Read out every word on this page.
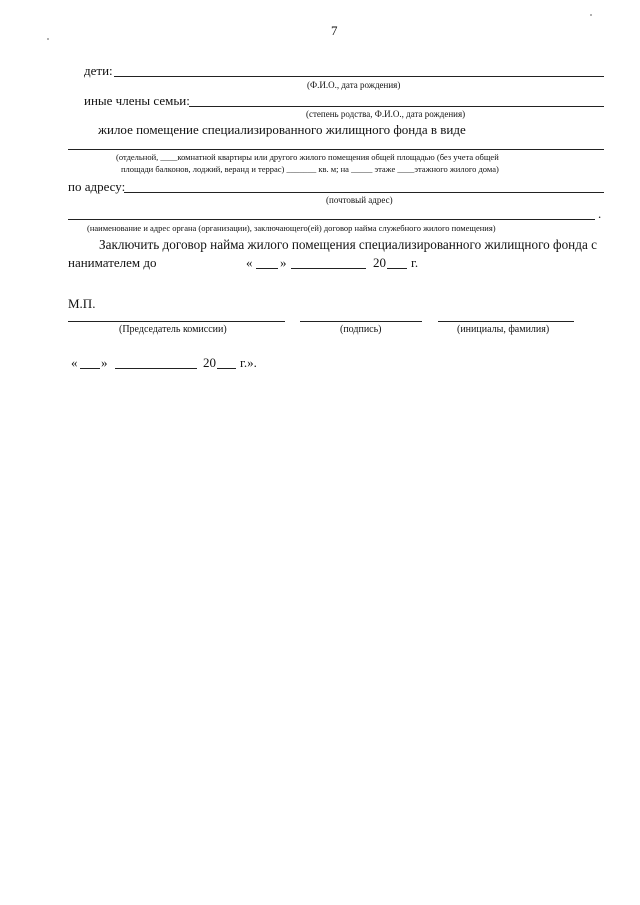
7
дети:
(Ф.И.О., дата рождения)
иные члены семьи:
(степень родства, Ф.И.О., дата рождения)
жилое помещение специализированного жилищного фонда в виде
(отдельной, ____комнатной квартиры или другого жилого помещения общей площадью (без учета общей
площади балконов, лоджий, веранд и террас) _______ кв. м; на _____ этаже ____этажного жилого дома)
по адресу:
(почтовый адрес)
.
(наименование и адрес органа (организации), заключающего(ей) договор найма служебного жилого помещения)
Заключить договор найма жилого помещения специализированного жилищного фонда с
нанимателем до	« »	20 г.
М.П.
(Председатель комиссии)	(подпись)	(инициалы, фамилия)
« »	20 г.».
